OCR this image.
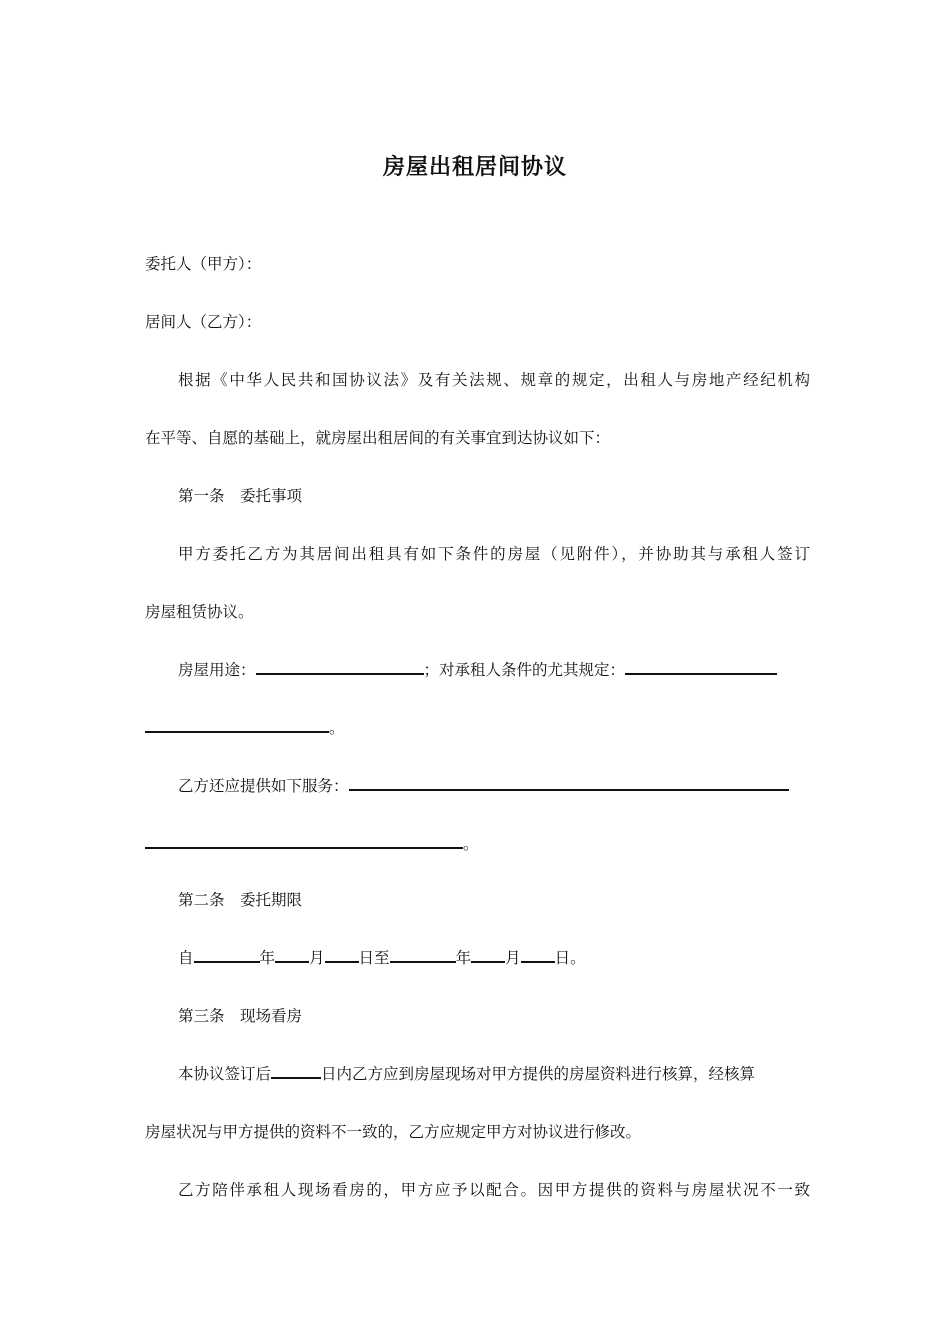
房屋出租居间协议
委托人（甲方）：
居间人（乙方）：
根据《中华人民共和国协议法》及有关法规、规章的规定，出租人与房地产经纪机构
在平等、自愿的基础上，就房屋出租居间的有关事宜到达协议如下：
第一条　委托事项
甲方委托乙方为其居间出租具有如下条件的房屋（见附件），并协助其与承租人签订
房屋租赁协议。
房屋用途：	；对承租人条件的尤其规定：
。
乙方还应提供如下服务：
。
第二条　委托期限
自	年 月 日至	年 月 日。
第三条　现场看房
本协议签订后	日内乙方应到房屋现场对甲方提供的房屋资料进行核算，经核算
房屋状况与甲方提供的资料不一致的，乙方应规定甲方对协议进行修改。
乙方陪伴承租人现场看房的，甲方应予以配合。因甲方提供的资料与房屋状况不一致
